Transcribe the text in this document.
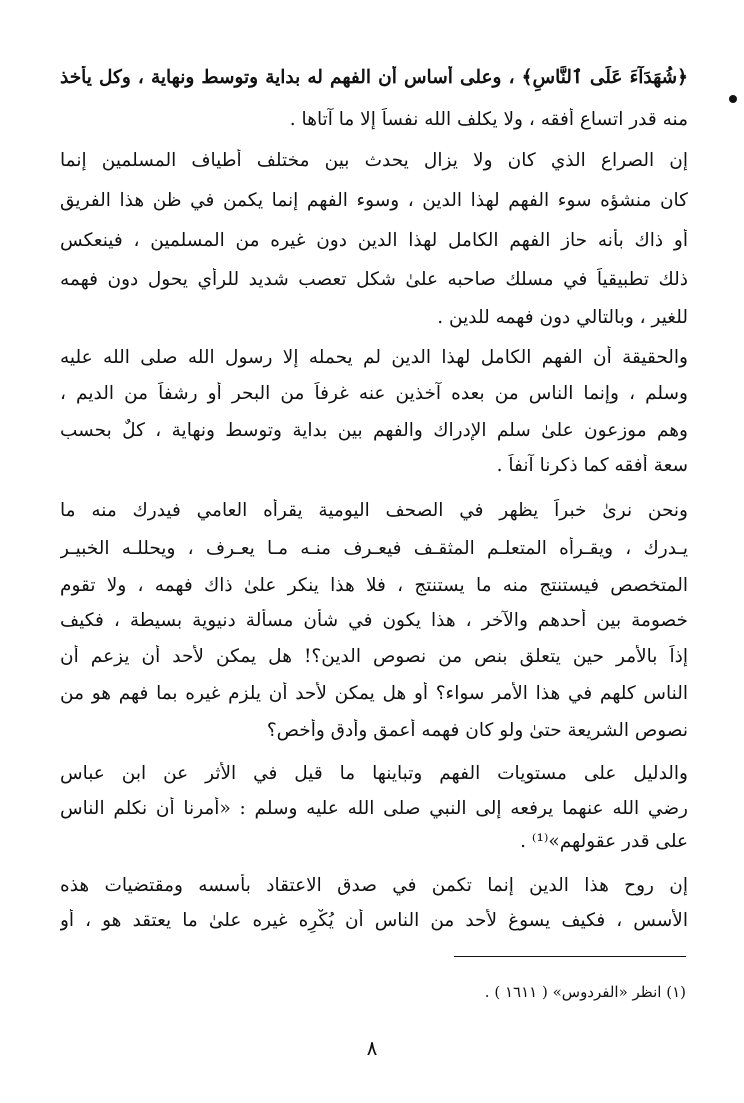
﴿شُهَدَآءَ عَلَى ٱلنَّاسِ﴾ ، وعلى أساس أن الفهم له بداية وتوسط ونهاية ، وكل يأخذ
منه قدر اتساع أفقه ، ولا يكلف الله نفساً إلا ما آتاها .
إن الصراع الذي كان ولا يزال يحدث بين مختلف أطياف المسلمين إنما
كان منشؤه سوء الفهم لهذا الدين ، وسوء الفهم إنما يكمن في ظن هذا الفريق
أو ذاك بأنه حاز الفهم الكامل لهذا الدين دون غيره من المسلمين ، فينعكس
ذلك تطبيقياً في مسلك صاحبه علىٰ شكل تعصب شديد للرأي يحول دون فهمه
للغير ، وبالتالي دون فهمه للدين .
والحقيقة أن الفهم الكامل لهذا الدين لم يحمله إلا رسول الله صلى الله عليه
وسلم ، وإنما الناس من بعده آخذين عنه غرفاً من البحر أو رشفاً من الديم ،
وهم موزعون علىٰ سلم الإدراك والفهم بين بداية وتوسط ونهاية ، كلٌ بحسب
سعة أُفقه كما ذكرنا آنفاً .
ونحن نرىٰ خبراً يظهر في الصحف اليومية يقرأه العامي فيدرك منه ما
يـدرك ، ويقـرأه المتعلـم المثقـف فيعـرف منـه مـا يعـرف ، ويحللـه الخبيـر
المتخصص فيستنتج منه ما يستنتج ، فلا هذا ينكر علىٰ ذاك فهمه ، ولا تقوم
خصومة بين أحدهم والآخر ، هذا يكون في شأن مسألة دنيوية بسيطة ، فكيف
إذاً بالأمر حين يتعلق بنص من نصوص الدين؟! هل يمكن لأحد أن يزعم أن
الناس كلهم في هذا الأمر سواء؟ أو هل يمكن لأحد أن يلزم غيره بما فهم هو من
نصوص الشريعة حتىٰ ولو كان فهمه أعمق وأدق وأخص؟
والدليل على مستويات الفهم وتباينها ما قيل في الأثر عن ابن عباس
رضي الله عنهما يرفعه إلى النبي صلى الله عليه وسلم : «أمرنا أن نكلم الناس
على قدر عقولهم»⁽¹⁾ .
إن روح هذا الدين إنما تكمن في صدق الاعتقاد بأسسه ومقتضيات هذه
الأسس ، فكيف يسوغ لأحد من الناس أن يُكْرِه غيره علىٰ ما يعتقد هو ، أو
(١) انظر «الفردوس» ( ١٦١١ ) .
٨
